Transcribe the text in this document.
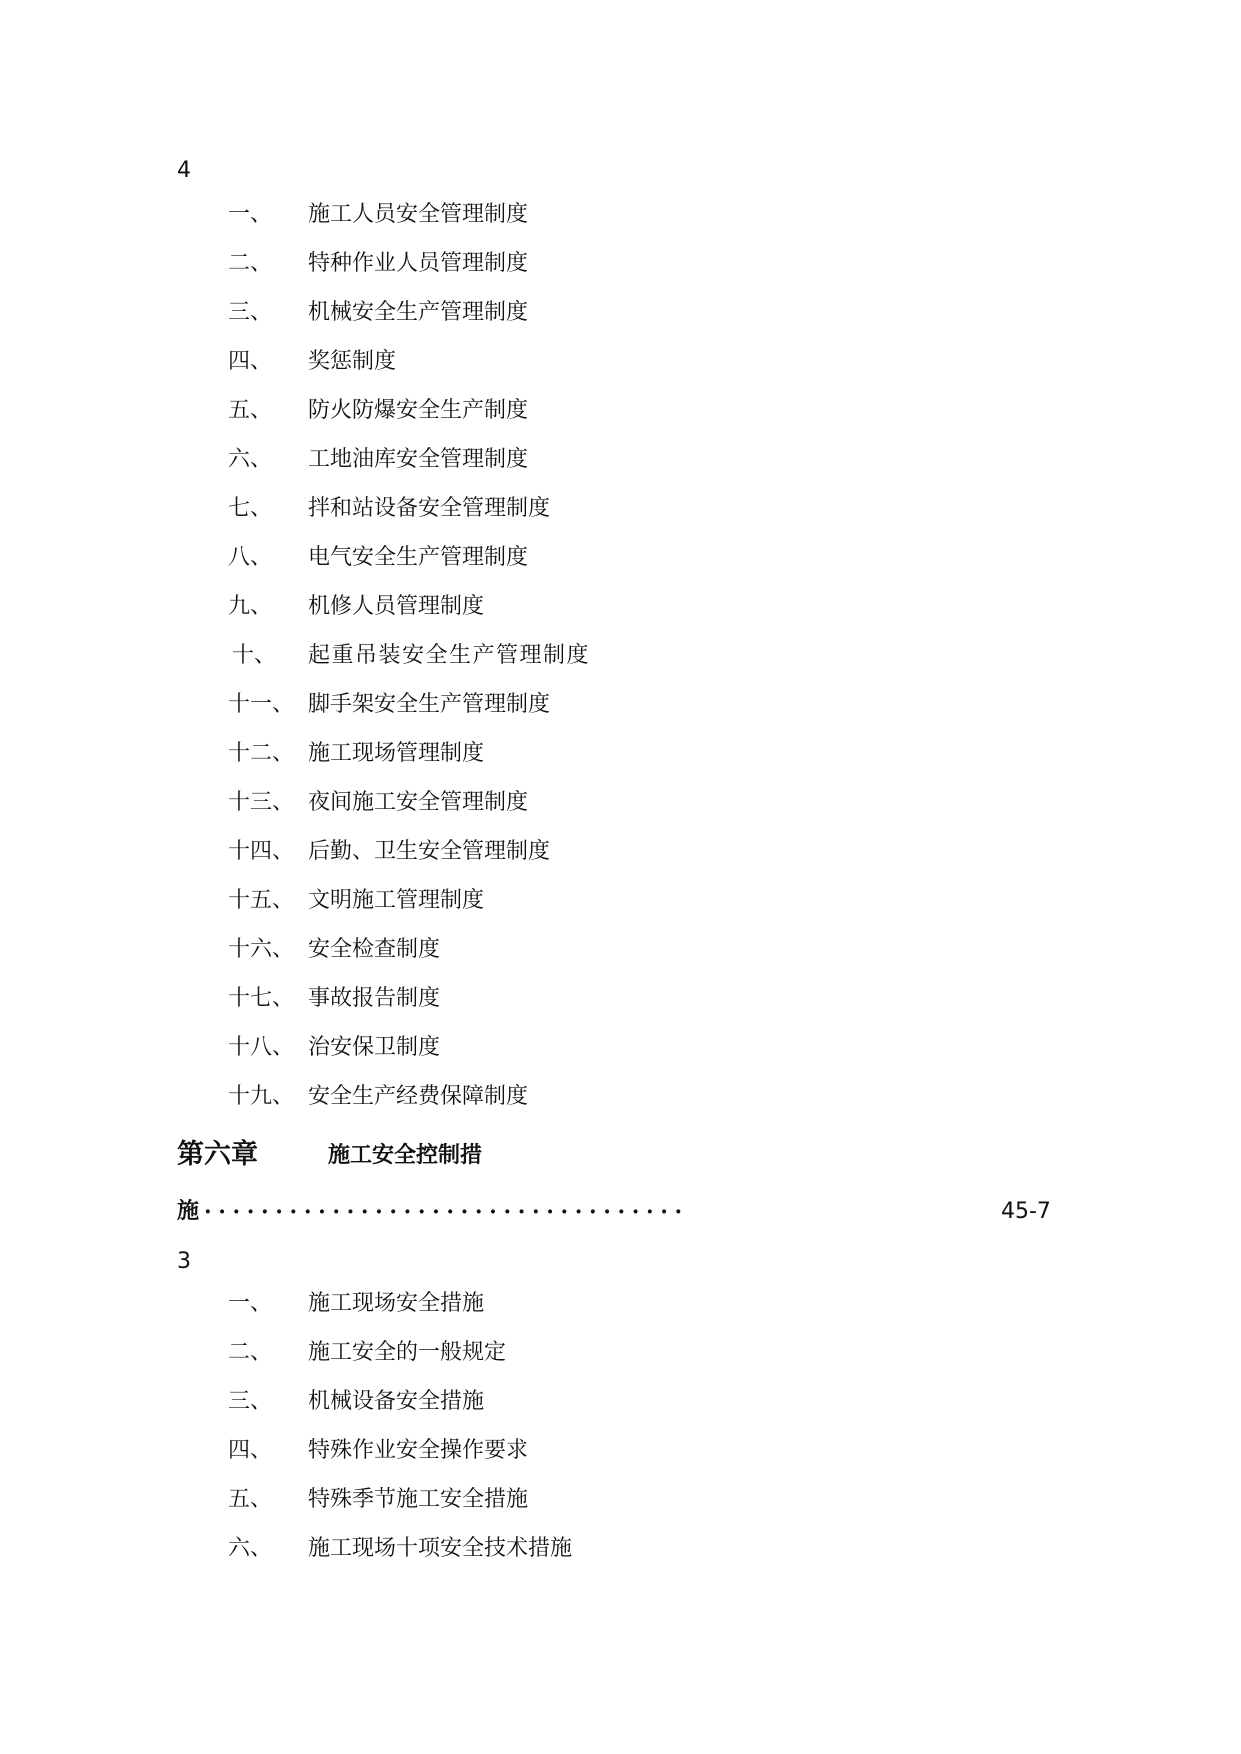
4
一、 施工人员安全管理制度
二、 特种作业人员管理制度
三、 机械安全生产管理制度
四、 奖惩制度
五、 防火防爆安全生产制度
六、 工地油库安全管理制度
七、 拌和站设备安全管理制度
八、 电气安全生产管理制度
九、 机修人员管理制度
十、 起重吊装安全生产管理制度
十一、 脚手架安全生产管理制度
十二、 施工现场管理制度
十三、 夜间施工安全管理制度
十四、 后勤、卫生安全管理制度
十五、 文明施工管理制度
十六、 安全检查制度
十七、 事故报告制度
十八、 治安保卫制度
十九、 安全生产经费保障制度
第六章	施工安全控制措
施 ··································	45-7
3
一、 施工现场安全措施
二、 施工安全的一般规定
三、 机械设备安全措施
四、 特殊作业安全操作要求
五、 特殊季节施工安全措施
六、 施工现场十项安全技术措施
